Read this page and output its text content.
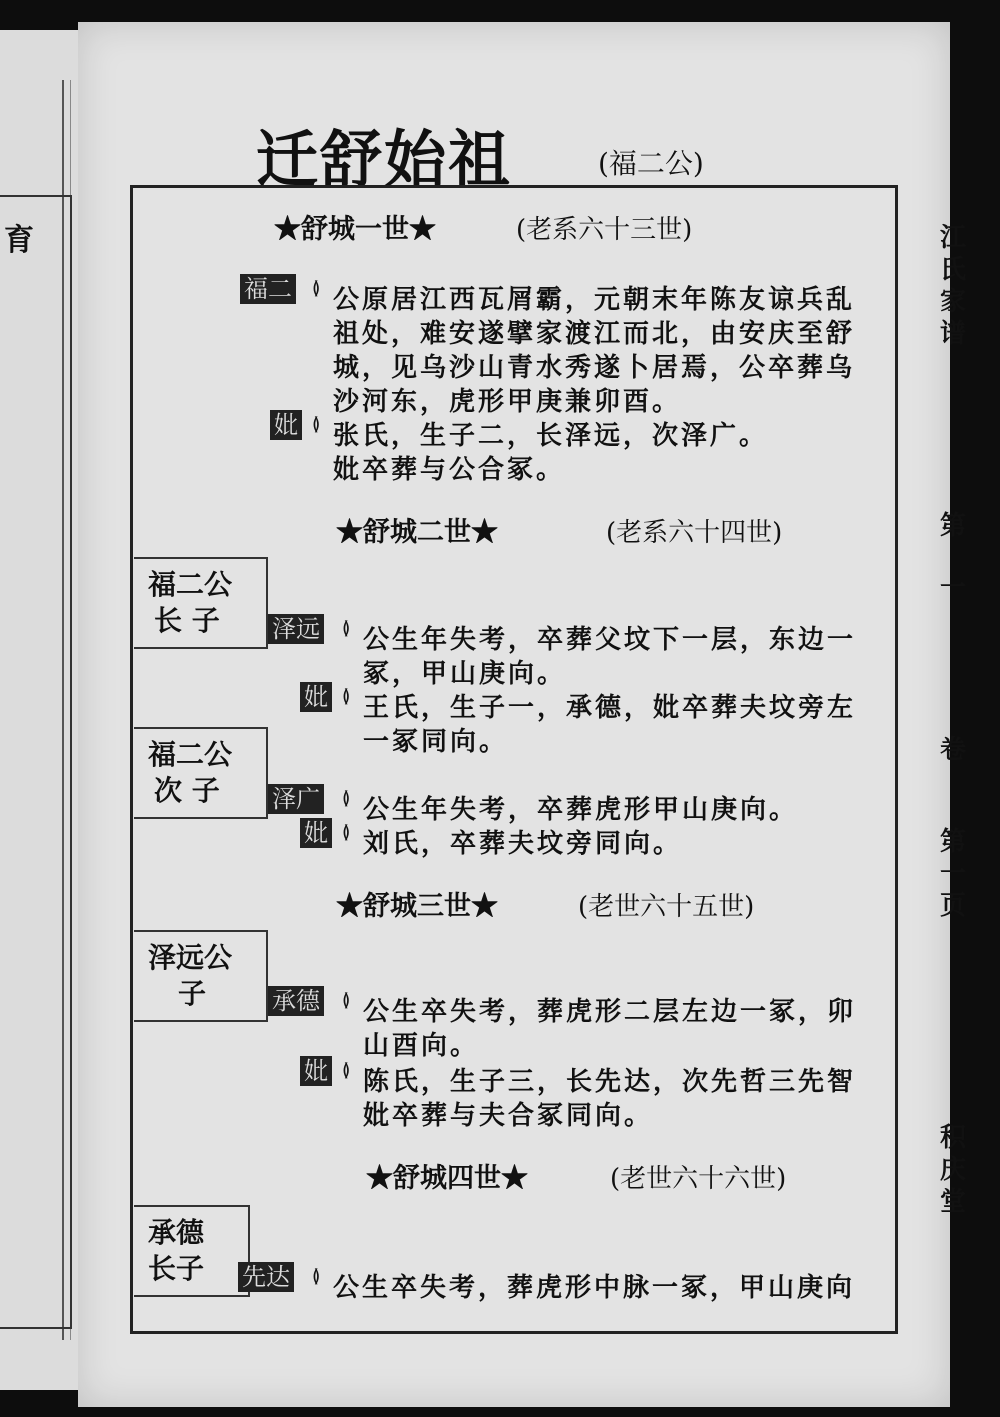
育
迁舒始祖	(福二公)
江
氏
家
谱
第
一
卷
第
一
页
积
庆
堂
★舒城一世★	(老系六十三世)
福二 ≬ 公原居江西瓦屑霸，元朝末年陈友谅兵乱
祖处，难安遂擘家渡江而北，由安庆至舒
城，见乌沙山青水秀遂卜居焉，公卒葬乌
沙河东，虎形甲庚兼卯酉。
妣 ≬ 张氏，生子二，长泽远，次泽广。
妣卒葬与公合冢。
★舒城二世★	(老系六十四世)
福二公
长 子	泽远 ≬ 公生年失考，卒葬父坟下一层，东边一
冢，甲山庚向。
妣 ≬ 王氏，生子一，承德，妣卒葬夫坟旁左
一冢同向。
福二公
次 子	泽广 ≬ 公生年失考，卒葬虎形甲山庚向。
妣 ≬ 刘氏，卒葬夫坟旁同向。
★舒城三世★	(老世六十五世)
泽远公
子	承德 ≬ 公生卒失考，葬虎形二层左边一冢，卯
山酉向。
妣 ≬ 陈氏，生子三，长先达，次先哲三先智
妣卒葬与夫合冢同向。
★舒城四世★	(老世六十六世)
承德
长子	先达 ≬ 公生卒失考，葬虎形中脉一冢，甲山庚向
